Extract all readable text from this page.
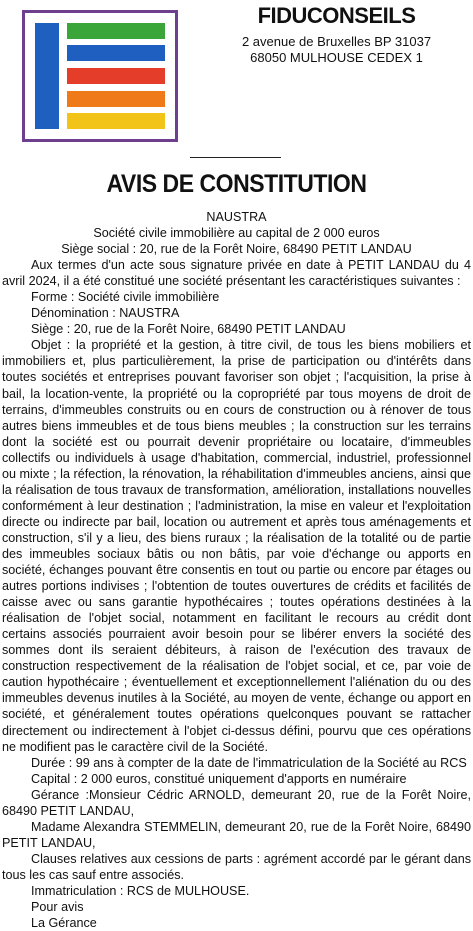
FIDUCONSEILS
2 avenue de Bruxelles BP 31037
68050 MULHOUSE CEDEX 1
AVIS DE CONSTITUTION
NAUSTRA
Société civile immobilière au capital de 2 000 euros
Siège social : 20, rue de la Forêt Noire, 68490 PETIT LANDAU

Aux termes d'un acte sous signature privée en date à PETIT LANDAU du 4 avril 2024, il a été constitué une société présentant les caractéristiques suivantes :

Forme : Société civile immobilière

Dénomination : NAUSTRA

Siège : 20, rue de la Forêt Noire, 68490 PETIT LANDAU

Objet : la propriété et la gestion, à titre civil, de tous les biens mobiliers et immobiliers et, plus particulièrement, la prise de participation ou d'intérêts dans toutes sociétés et entreprises pouvant favoriser son objet ; l'acquisition, la prise à bail, la location-vente, la propriété ou la copropriété par tous moyens de droit de terrains, d'immeubles construits ou en cours de construction ou à rénover de tous autres biens immeubles et de tous biens meubles ; la construction sur les terrains dont la société est ou pourrait devenir propriétaire ou locataire, d'immeubles collectifs ou individuels à usage d'habitation, commercial, industriel, professionnel ou mixte ; la réfection, la rénovation, la réhabilitation d'immeubles anciens, ainsi que la réalisation de tous travaux de transformation, amélioration, installations nouvelles conformément à leur destination ; l'administration, la mise en valeur et l'exploitation directe ou indirecte par bail, location ou autrement et après tous aménagements et construction, s'il y a lieu, des biens ruraux ; la réalisation de la totalité ou de partie des immeubles sociaux bâtis ou non bâtis, par voie d'échange ou apports en société, échanges pouvant être consentis en tout ou partie ou encore par étages ou autres portions indivises ; l'obtention de toutes ouvertures de crédits et facilités de caisse avec ou sans garantie hypothécaires ; toutes opérations destinées à la réalisation de l'objet social, notamment en facilitant le recours au crédit dont certains associés pourraient avoir besoin pour se libérer envers la société des sommes dont ils seraient débiteurs, à raison de l'exécution des travaux de construction respectivement de la réalisation de l'objet social, et ce, par voie de caution hypothécaire ; éventuellement et exceptionnellement l'aliénation du ou des immeubles devenus inutiles à la Société, au moyen de vente, échange ou apport en société, et généralement toutes opérations quelconques pouvant se rattacher directement ou indirectement à l'objet ci-dessus défini, pourvu que ces opérations ne modifient pas le caractère civil de la Société.

Durée : 99 ans à compter de la date de l'immatriculation de la Société au RCS

Capital : 2 000 euros, constitué uniquement d'apports en numéraire

Gérance :Monsieur Cédric ARNOLD, demeurant 20, rue de la Forêt Noire, 68490 PETIT LANDAU,

Madame Alexandra STEMMELIN, demeurant 20, rue de la Forêt Noire, 68490 PETIT LANDAU,

Clauses relatives aux cessions de parts : agrément accordé par le gérant dans tous les cas sauf entre associés.

Immatriculation : RCS de MULHOUSE.

Pour avis

La Gérance
